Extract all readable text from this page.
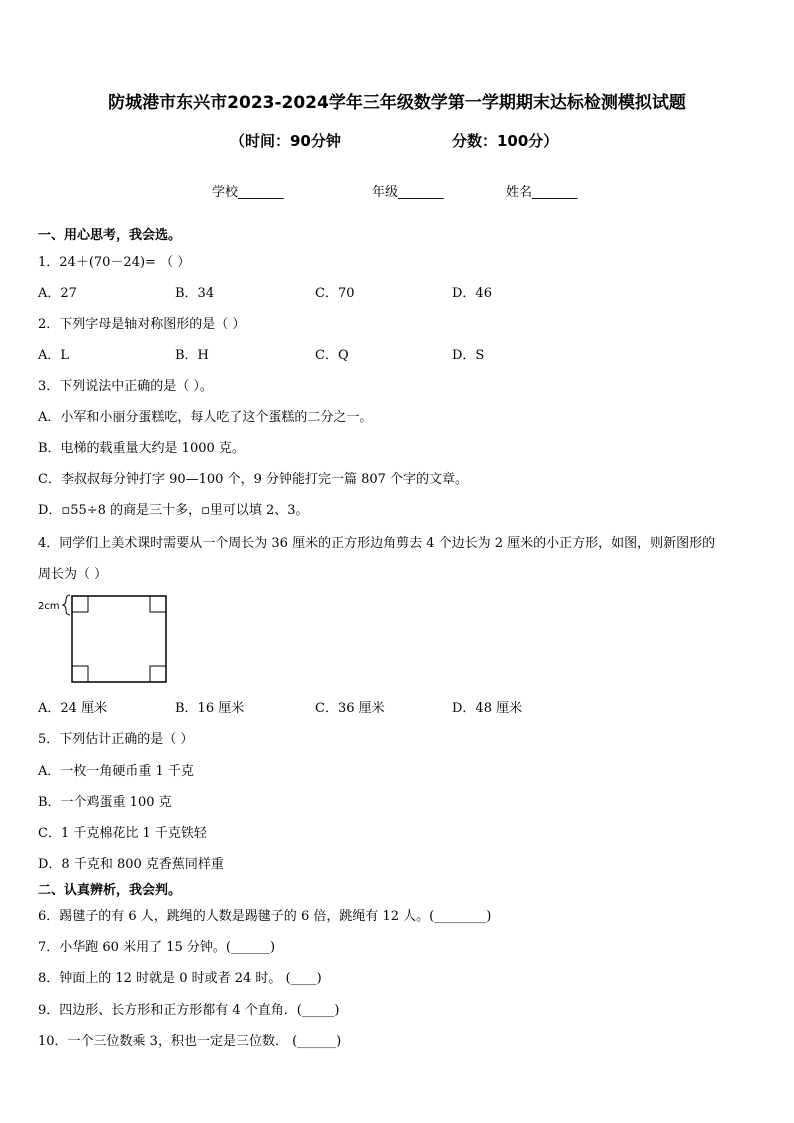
防城港市东兴市2023-2024学年三年级数学第一学期期末达标检测模拟试题
（时间：90分钟	分数：100分）
学校_______	年级_______	姓名_______
一、用心思考，我会选。
1．24＋(70－24)= （ ）
A．27	B．34	C．70	D．46
2．下列字母是轴对称图形的是（ ）
A．L	B．H	C．Q	D．S
3．下列说法中正确的是（ ）。
A．小军和小丽分蛋糕吃，每人吃了这个蛋糕的二分之一。
B．电梯的载重量大约是 1000 克。
C．李叔叔每分钟打字 90—100 个，9 分钟能打完一篇 807 个字的文章。
D．▫55÷8 的商是三十多，▫里可以填 2、3。
4．同学们上美术课时需要从一个周长为 36 厘米的正方形边角剪去 4 个边长为 2 厘米的小正方形，如图，则新图形的
周长为（ ）
2cm
A．24 厘米	B．16 厘米	C．36 厘米	D．48 厘米
5．下列估计正确的是（ ）
A．一枚一角硬币重 1 千克
B．一个鸡蛋重 100 克
C．1 千克棉花比 1 千克铁轻
D．8 千克和 800 克香蕉同样重
二、认真辨析，我会判。
6．踢毽子的有 6 人，跳绳的人数是踢毽子的 6 倍，跳绳有 12 人。(________)
7．小华跑 60 米用了 15 分钟。(______)
8．钟面上的 12 时就是 0 时或者 24 时。 (____)
9．四边形、长方形和正方形都有 4 个直角．(_____)
10．一个三位数乘 3，积也一定是三位数． (______)
